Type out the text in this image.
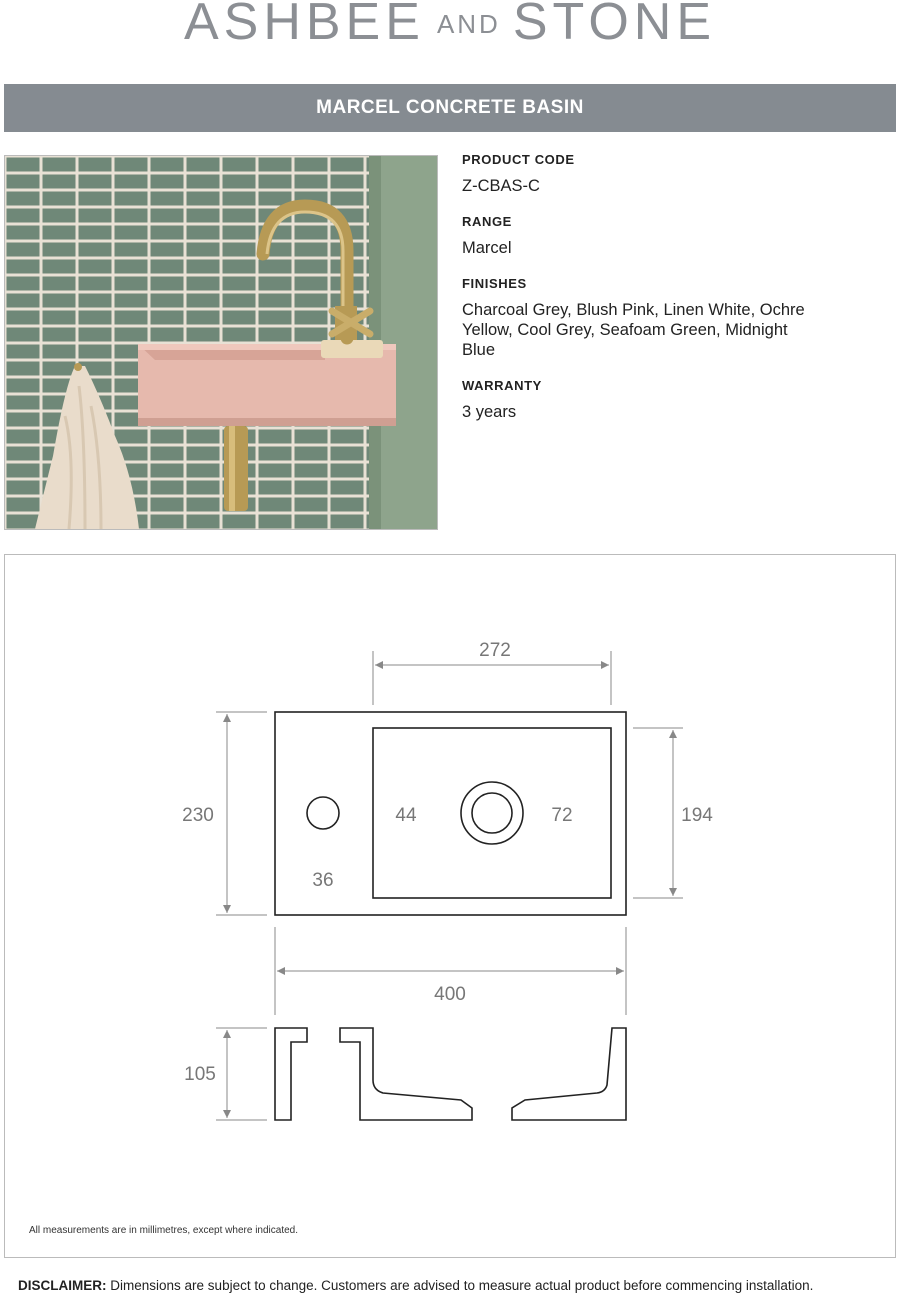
ASHBEE AND STONE
MARCEL CONCRETE BASIN
PRODUCT CODE
Z-CBAS-C
RANGE
Marcel
FINISHES
Charcoal Grey, Blush Pink, Linen White, Ochre Yellow, Cool Grey, Seafoam Green, Midnight Blue
WARRANTY
3 years
272
230	44	72	194
36
400
105
All measurements are in millimetres, except where indicated.
DISCLAIMER: Dimensions are subject to change. Customers are advised to measure actual product before commencing installation.
